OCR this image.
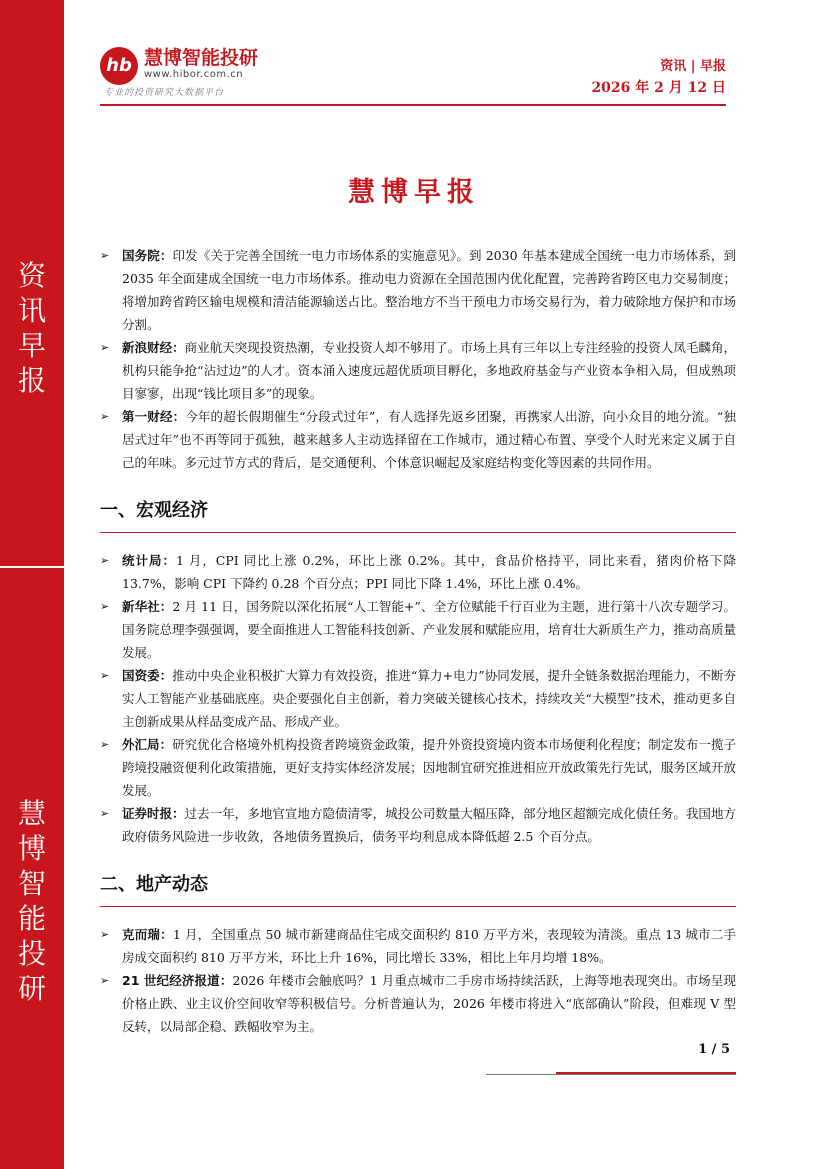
资
讯
早
报
慧
博
智
能
投
研
hb 慧博智能投研
www.hibor.com.cn
专业的投资研究大数据平台
资讯 | 早报
2026 年 2 月 12 日
慧博早报

➢ 国务院：印发《关于完善全国统一电力市场体系的实施意见》。到 2030 年基本建成全国统一电力市场体系，到 2035 年全面建成全国统一电力市场体系。推动电力资源在全国范围内优化配置，完善跨省跨区电力交易制度；将增加跨省跨区输电规模和清洁能源输送占比。整治地方不当干预电力市场交易行为，着力破除地方保护和市场分割。

➢ 新浪财经：商业航天突现投资热潮，专业投资人却不够用了。市场上具有三年以上专注经验的投资人凤毛麟角，机构只能争抢“沾过边”的人才。资本涌入速度远超优质项目孵化，多地政府基金与产业资本争相入局，但成熟项目寥寥，出现“钱比项目多”的现象。

➢ 第一财经：今年的超长假期催生“分段式过年”，有人选择先返乡团聚，再携家人出游，向小众目的地分流。“独居式过年”也不再等同于孤独，越来越多人主动选择留在工作城市，通过精心布置、享受个人时光来定义属于自己的年味。多元过节方式的背后，是交通便利、个体意识崛起及家庭结构变化等因素的共同作用。

一、宏观经济

➢ 统计局：1 月，CPI 同比上涨 0.2%，环比上涨 0.2%。其中，食品价格持平，同比来看，猪肉价格下降 13.7%，影响 CPI 下降约 0.28 个百分点；PPI 同比下降 1.4%，环比上涨 0.4%。

➢ 新华社：2 月 11 日，国务院以深化拓展“人工智能+”、全方位赋能千行百业为主题，进行第十八次专题学习。国务院总理李强强调，要全面推进人工智能科技创新、产业发展和赋能应用，培育壮大新质生产力，推动高质量发展。

➢ 国资委：推动中央企业积极扩大算力有效投资，推进“算力+电力”协同发展，提升全链条数据治理能力，不断夯实人工智能产业基础底座。央企要强化自主创新，着力突破关键核心技术，持续攻关“大模型”技术，推动更多自主创新成果从样品变成产品、形成产业。

➢ 外汇局：研究优化合格境外机构投资者跨境资金政策，提升外资投资境内资本市场便利化程度；制定发布一揽子跨境投融资便利化政策措施，更好支持实体经济发展；因地制宜研究推进相应开放政策先行先试，服务区域开放发展。

➢ 证券时报：过去一年，多地官宣地方隐债清零，城投公司数量大幅压降，部分地区超额完成化债任务。我国地方政府债务风险进一步收敛，各地债务置换后，债务平均利息成本降低超 2.5 个百分点。

二、地产动态

➢ 克而瑞：1 月，全国重点 50 城市新建商品住宅成交面积约 810 万平方米，表现较为清淡。重点 13 城市二手房成交面积约 810 万平方米，环比上升 16%，同比增长 33%，相比上年月均增 18%。

➢ 21 世纪经济报道：2026 年楼市会触底吗？1 月重点城市二手房市场持续活跃，上海等地表现突出。市场呈现价格止跌、业主议价空间收窄等积极信号。分析普遍认为，2026 年楼市将进入“底部确认”阶段，但难现 V 型反转，以局部企稳、跌幅收窄为主。

1 / 5
